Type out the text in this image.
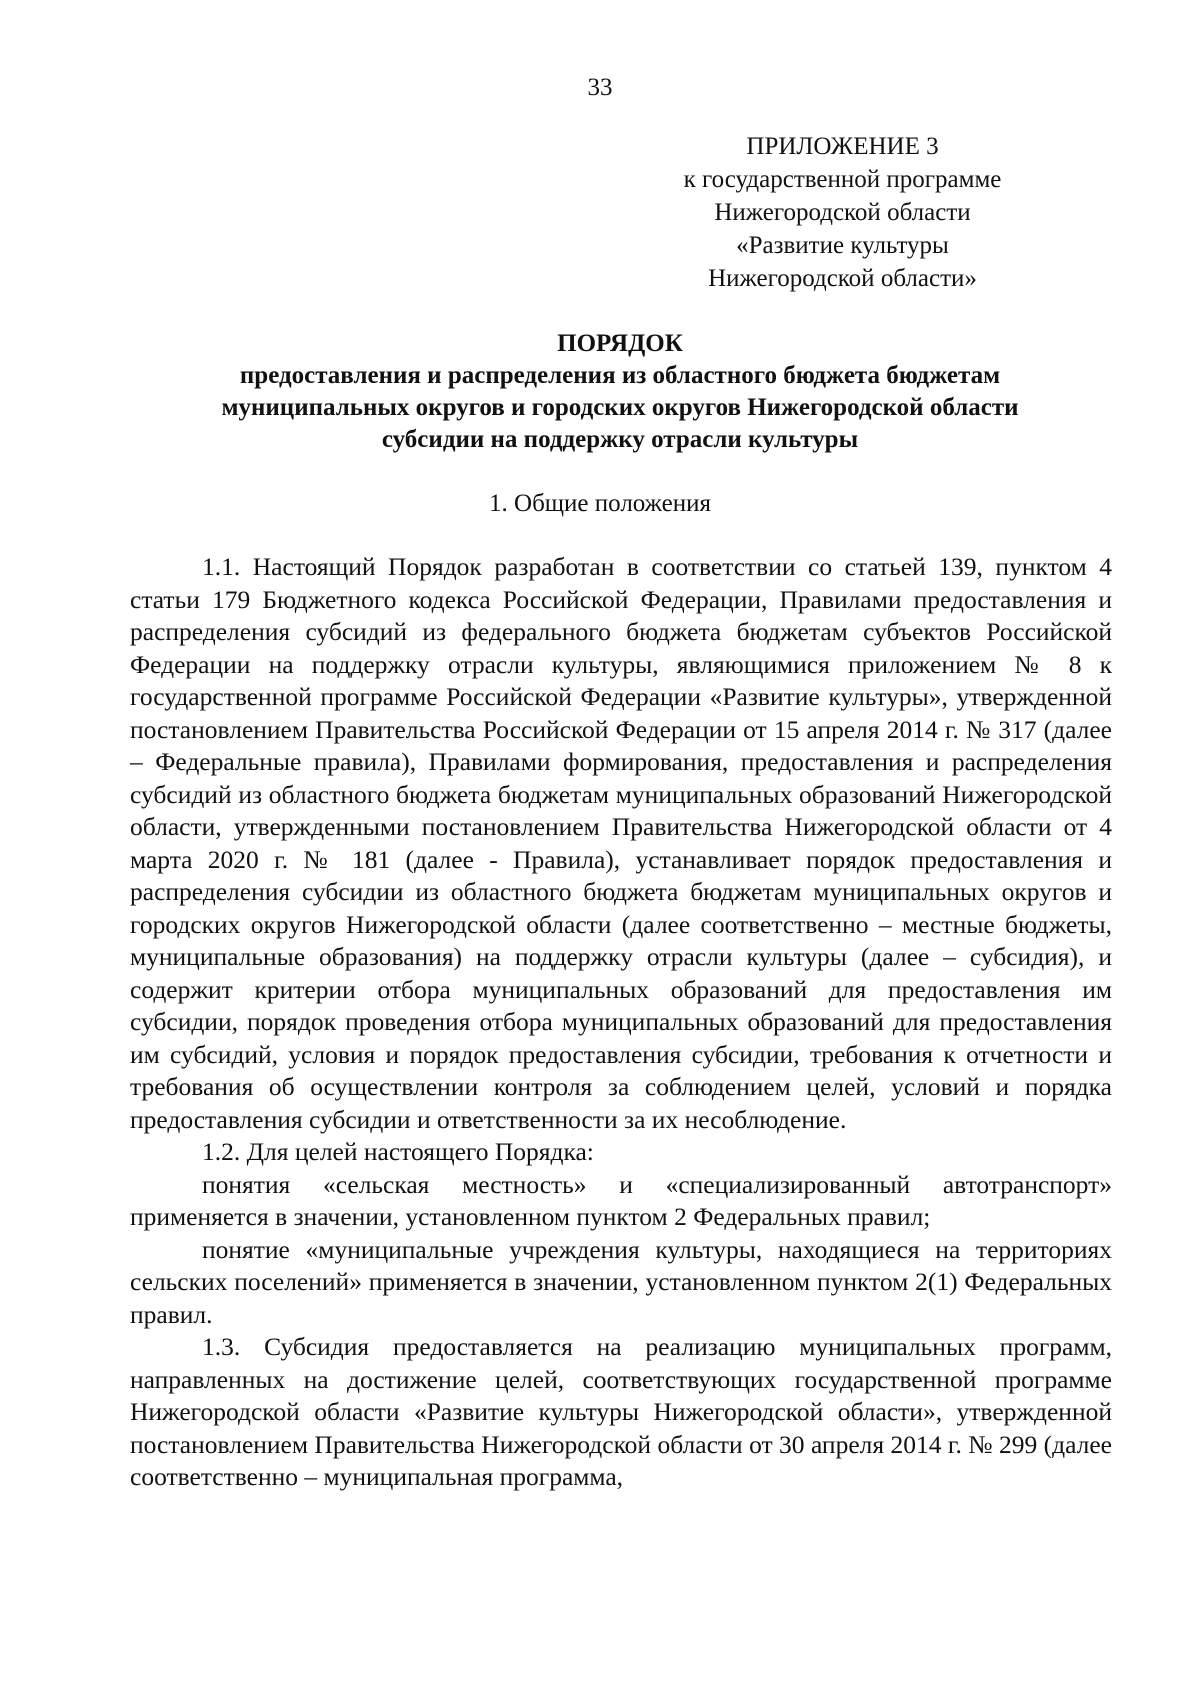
33
ПРИЛОЖЕНИЕ 3
к государственной программе
Нижегородской области
«Развитие культуры
Нижегородской области»
ПОРЯДОК
предоставления и распределения из областного бюджета бюджетам
муниципальных округов и городских округов Нижегородской области
субсидии на поддержку отрасли культуры
1. Общие положения

1.1. Настоящий Порядок разработан в соответствии со статьей 139, пунктом 4 статьи 179 Бюджетного кодекса Российской Федерации, Правилами предоставления и распределения субсидий из федерального бюджета бюджетам субъектов Российской Федерации на поддержку отрасли культуры, являющимися приложением № 8 к государственной программе Российской Федерации «Развитие культуры», утвержденной постановлением Правительства Российской Федерации от 15 апреля 2014 г. № 317 (далее – Федеральные правила), Правилами формирования, предоставления и распределения субсидий из областного бюджета бюджетам муниципальных образований Нижегородской области, утвержденными постановлением Правительства Нижегородской области от 4 марта 2020 г. № 181 (далее - Правила), устанавливает порядок предоставления и распределения субсидии из областного бюджета бюджетам муниципальных округов и городских округов Нижегородской области (далее соответственно – местные бюджеты, муниципальные образования) на поддержку отрасли культуры (далее – субсидия), и содержит критерии отбора муниципальных образований для предоставления им субсидии, порядок проведения отбора муниципальных образований для предоставления им субсидий, условия и порядок предоставления субсидии, требования к отчетности и требования об осуществлении контроля за соблюдением целей, условий и порядка предоставления субсидии и ответственности за их несоблюдение.

1.2. Для целей настоящего Порядка:

понятия «сельская местность» и «специализированный автотранспорт» применяется в значении, установленном пунктом 2 Федеральных правил;

понятие «муниципальные учреждения культуры, находящиеся на территориях сельских поселений» применяется в значении, установленном пунктом 2(1) Федеральных правил.

1.3. Субсидия предоставляется на реализацию муниципальных программ, направленных на достижение целей, соответствующих государственной программе Нижегородской области «Развитие культуры Нижегородской области», утвержденной постановлением Правительства Нижегородской области от 30 апреля 2014 г. № 299 (далее соответственно – муниципальная программа,
